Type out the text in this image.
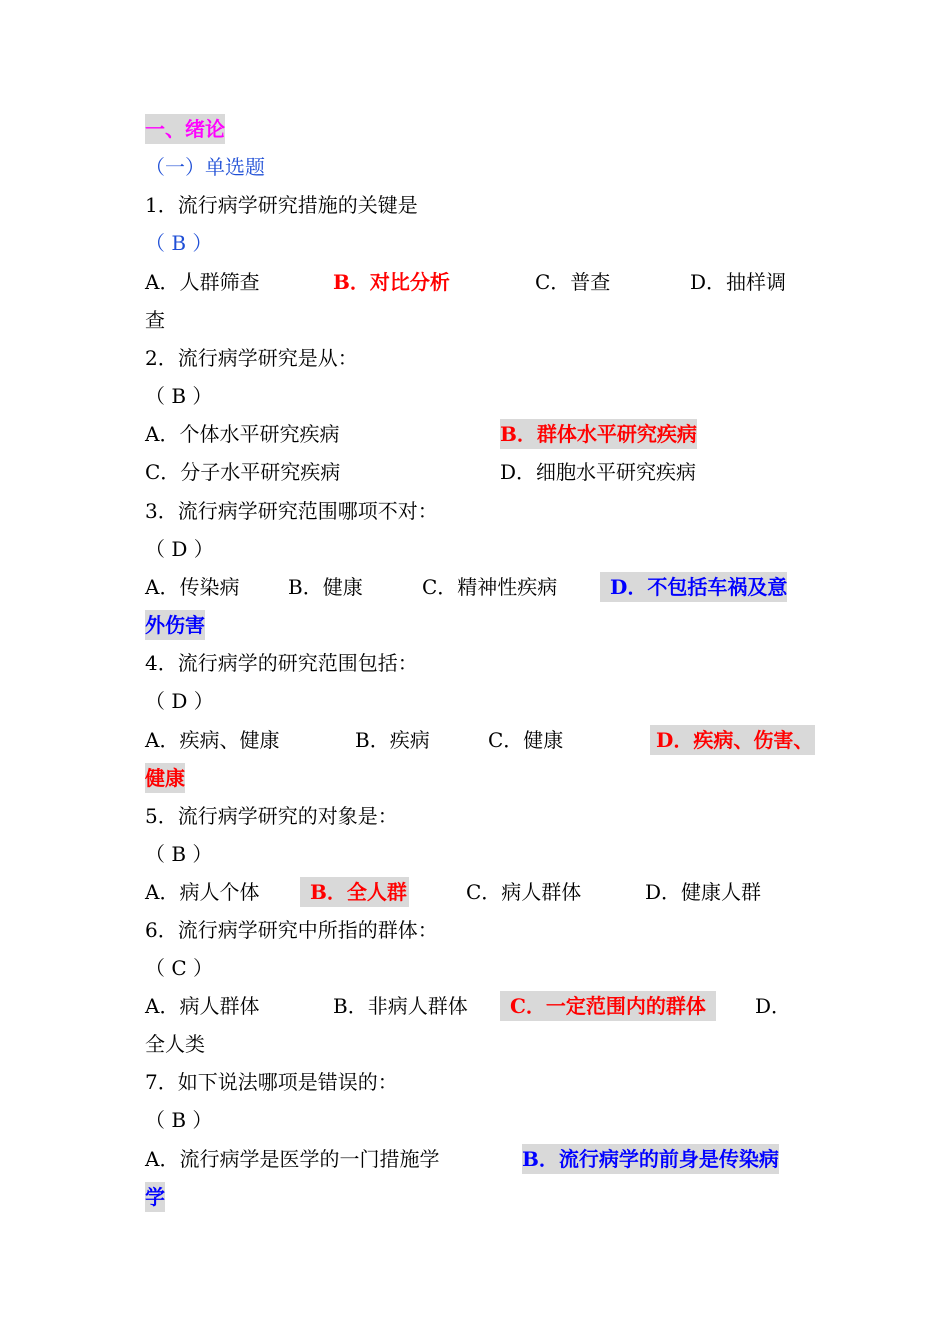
一、绪论
（一）单选题
1．流行病学研究措施的关键是
（ B ）
A．人群筛查	B．对比分析	C．普查	D．抽样调
查
2．流行病学研究是从：
（ B ）
A．个体水平研究疾病	B．群体水平研究疾病
C．分子水平研究疾病	D．细胞水平研究疾病
3．流行病学研究范围哪项不对：
（ D ）
A．传染病 B．健康	C．精神性疾病	D．不包括车祸及意
外伤害
4．流行病学的研究范围包括：
（ D ）
A．疾病、健康	B．疾病	C．健康	D．疾病、伤害、
健康
5．流行病学研究的对象是：
（ B ）
A．病人个体	B．全人群	C．病人群体	D．健康人群
6．流行病学研究中所指的群体：
（ C ）
A．病人群体	B．非病人群体	C．一定范围内的群体	D．
全人类
7．如下说法哪项是错误的：
（ B ）
A．流行病学是医学的一门措施学	B．流行病学的前身是传染病
学
